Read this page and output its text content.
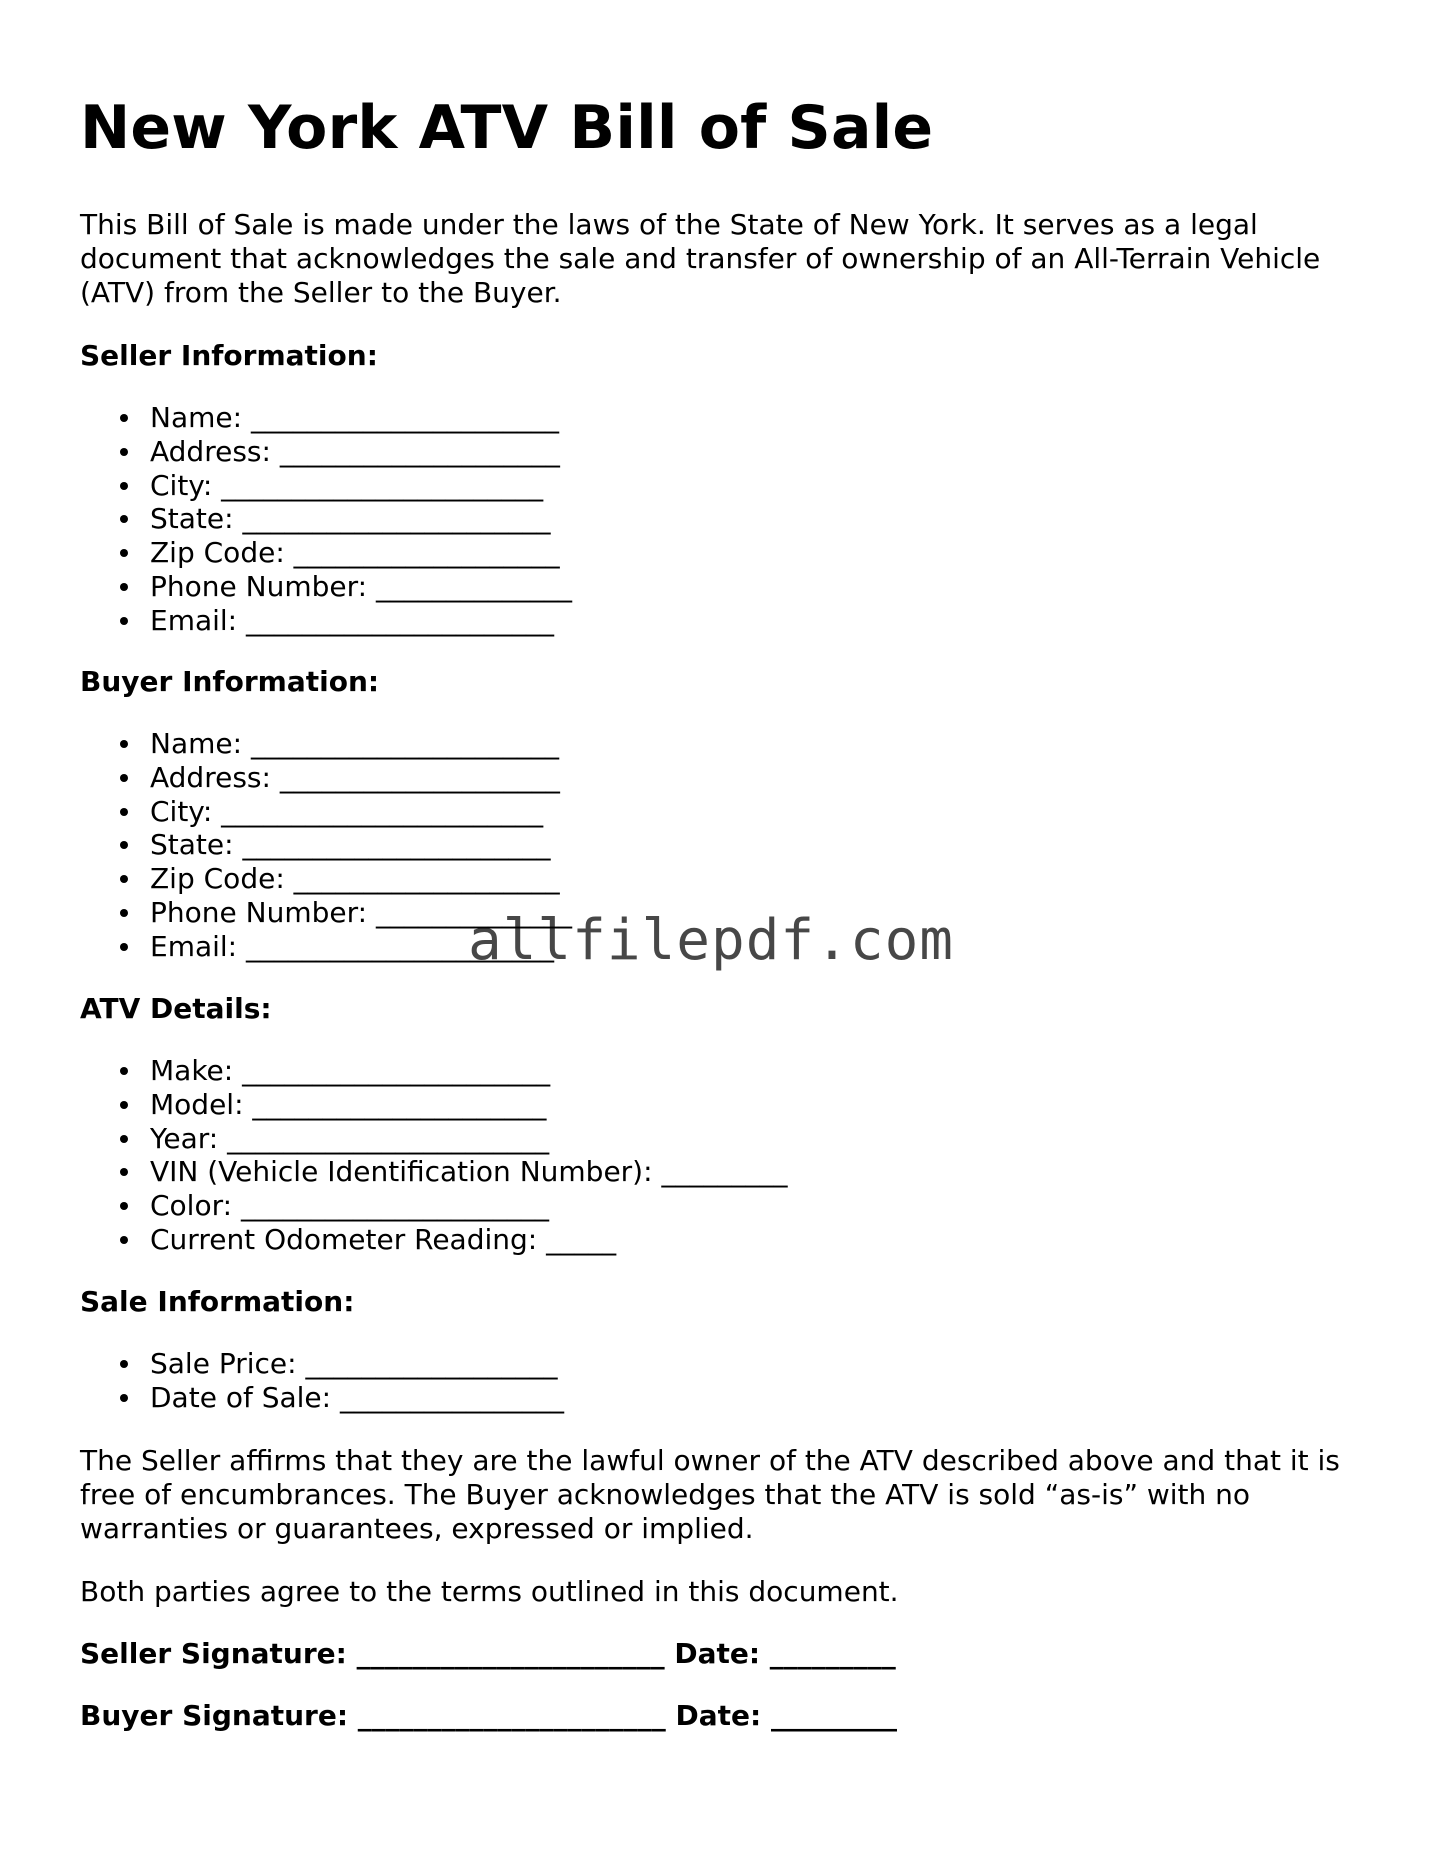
New York ATV Bill of Sale

This Bill of Sale is made under the laws of the State of New York. It serves as a legal document that acknowledges the sale and transfer of ownership of an All-Terrain Vehicle (ATV) from the Seller to the Buyer.

Seller Information:

Name: ______________________
Address: ____________________
City: _______________________
State: ______________________
Zip Code: ___________________
Phone Number: ______________
Email: ______________________

Buyer Information:

Name: ______________________
Address: ____________________
City: _______________________
State: ______________________
Zip Code: ___________________
Phone Number: ______________
Email: ______________________

ATV Details:

Make: ______________________
Model: _____________________
Year: _______________________
VIN (Vehicle Identification Number): _________
Color: ______________________
Current Odometer Reading: _____

Sale Information:

Sale Price: __________________
Date of Sale: ________________

The Seller affirms that they are the lawful owner of the ATV described above and that it is free of encumbrances. The Buyer acknowledges that the ATV is sold “as-is” with no warranties or guarantees, expressed or implied.

Both parties agree to the terms outlined in this document.

Seller Signature: ______________________ Date: _________

Buyer Signature: ______________________ Date: _________

allfilepdf.com
